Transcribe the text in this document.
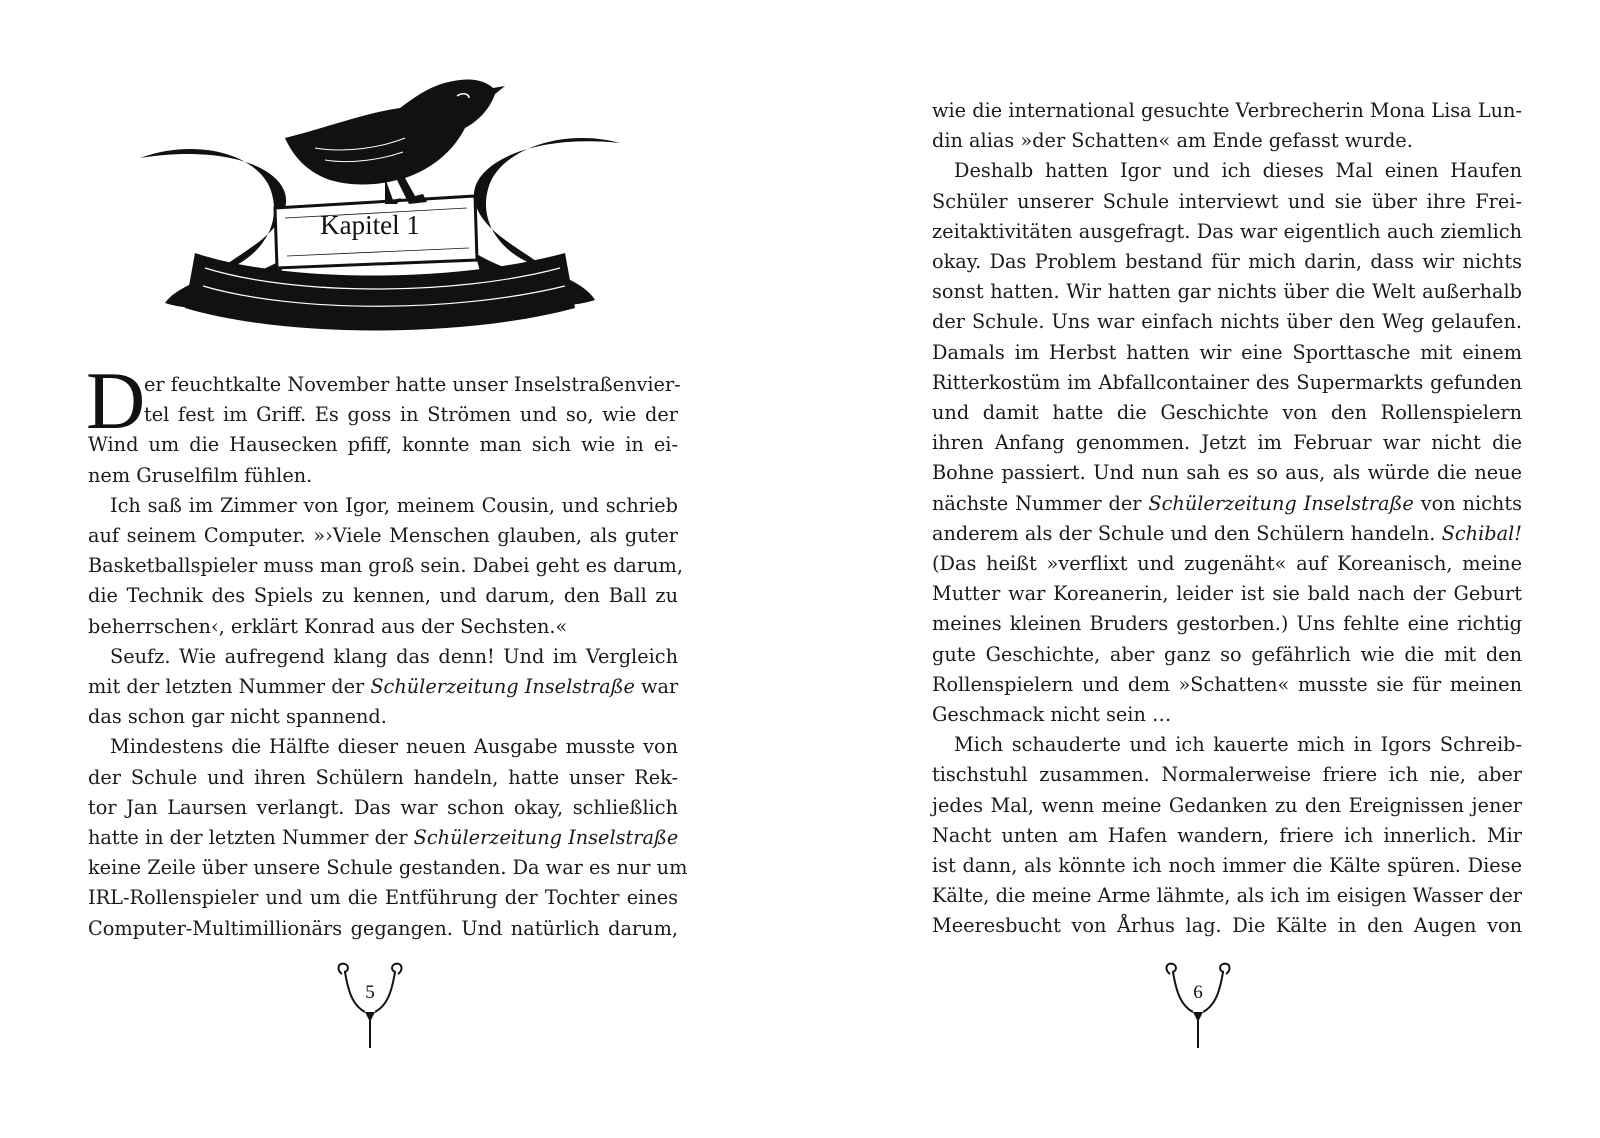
Kapitel 1
D
er feuchtkalte November hatte unser Inselstraßenvier-
tel fest im Griff. Es goss in Strömen und so, wie der
Wind um die Hausecken pfiff, konnte man sich wie in ei-
nem Gruselfilm fühlen.
Ich saß im Zimmer von Igor, meinem Cousin, und schrieb
auf seinem Computer. »›Viele Menschen glauben, als guter
Basketballspieler muss man groß sein. Dabei geht es darum,
die Technik des Spiels zu kennen, und darum, den Ball zu
beherrschen‹, erklärt Konrad aus der Sechsten.«
Seufz. Wie aufregend klang das denn! Und im Vergleich
mit der letzten Nummer der Schülerzeitung Inselstraße war
das schon gar nicht spannend.
Mindestens die Hälfte dieser neuen Ausgabe musste von
der Schule und ihren Schülern handeln, hatte unser Rek-
tor Jan Laursen verlangt. Das war schon okay, schließlich
hatte in der letzten Nummer der Schülerzeitung Inselstraße
keine Zeile über unsere Schule gestanden. Da war es nur um
IRL-Rollenspieler und um die Entführung der Tochter eines
Computer-Multimillionärs gegangen. Und natürlich darum,
5
wie die international gesuchte Verbrecherin Mona Lisa Lun-
din alias »der Schatten« am Ende gefasst wurde.
Deshalb hatten Igor und ich dieses Mal einen Haufen
Schüler unserer Schule interviewt und sie über ihre Frei-
zeitaktivitäten ausgefragt. Das war eigentlich auch ziemlich
okay. Das Problem bestand für mich darin, dass wir nichts
sonst hatten. Wir hatten gar nichts über die Welt außerhalb
der Schule. Uns war einfach nichts über den Weg gelaufen.
Damals im Herbst hatten wir eine Sporttasche mit einem
Ritterkostüm im Abfallcontainer des Supermarkts gefunden
und damit hatte die Geschichte von den Rollenspielern
ihren Anfang genommen. Jetzt im Februar war nicht die
Bohne passiert. Und nun sah es so aus, als würde die neue
nächste Nummer der Schülerzeitung Inselstraße von nichts
anderem als der Schule und den Schülern handeln. Schibal!
(Das heißt »verflixt und zugenäht« auf Koreanisch, meine
Mutter war Koreanerin, leider ist sie bald nach der Geburt
meines kleinen Bruders gestorben.) Uns fehlte eine richtig
gute Geschichte, aber ganz so gefährlich wie die mit den
Rollenspielern und dem »Schatten« musste sie für meinen
Geschmack nicht sein …
Mich schauderte und ich kauerte mich in Igors Schreib-
tischstuhl zusammen. Normalerweise friere ich nie, aber
jedes Mal, wenn meine Gedanken zu den Ereignissen jener
Nacht unten am Hafen wandern, friere ich innerlich. Mir
ist dann, als könnte ich noch immer die Kälte spüren. Diese
Kälte, die meine Arme lähmte, als ich im eisigen Wasser der
Meeresbucht von Århus lag. Die Kälte in den Augen von
6
